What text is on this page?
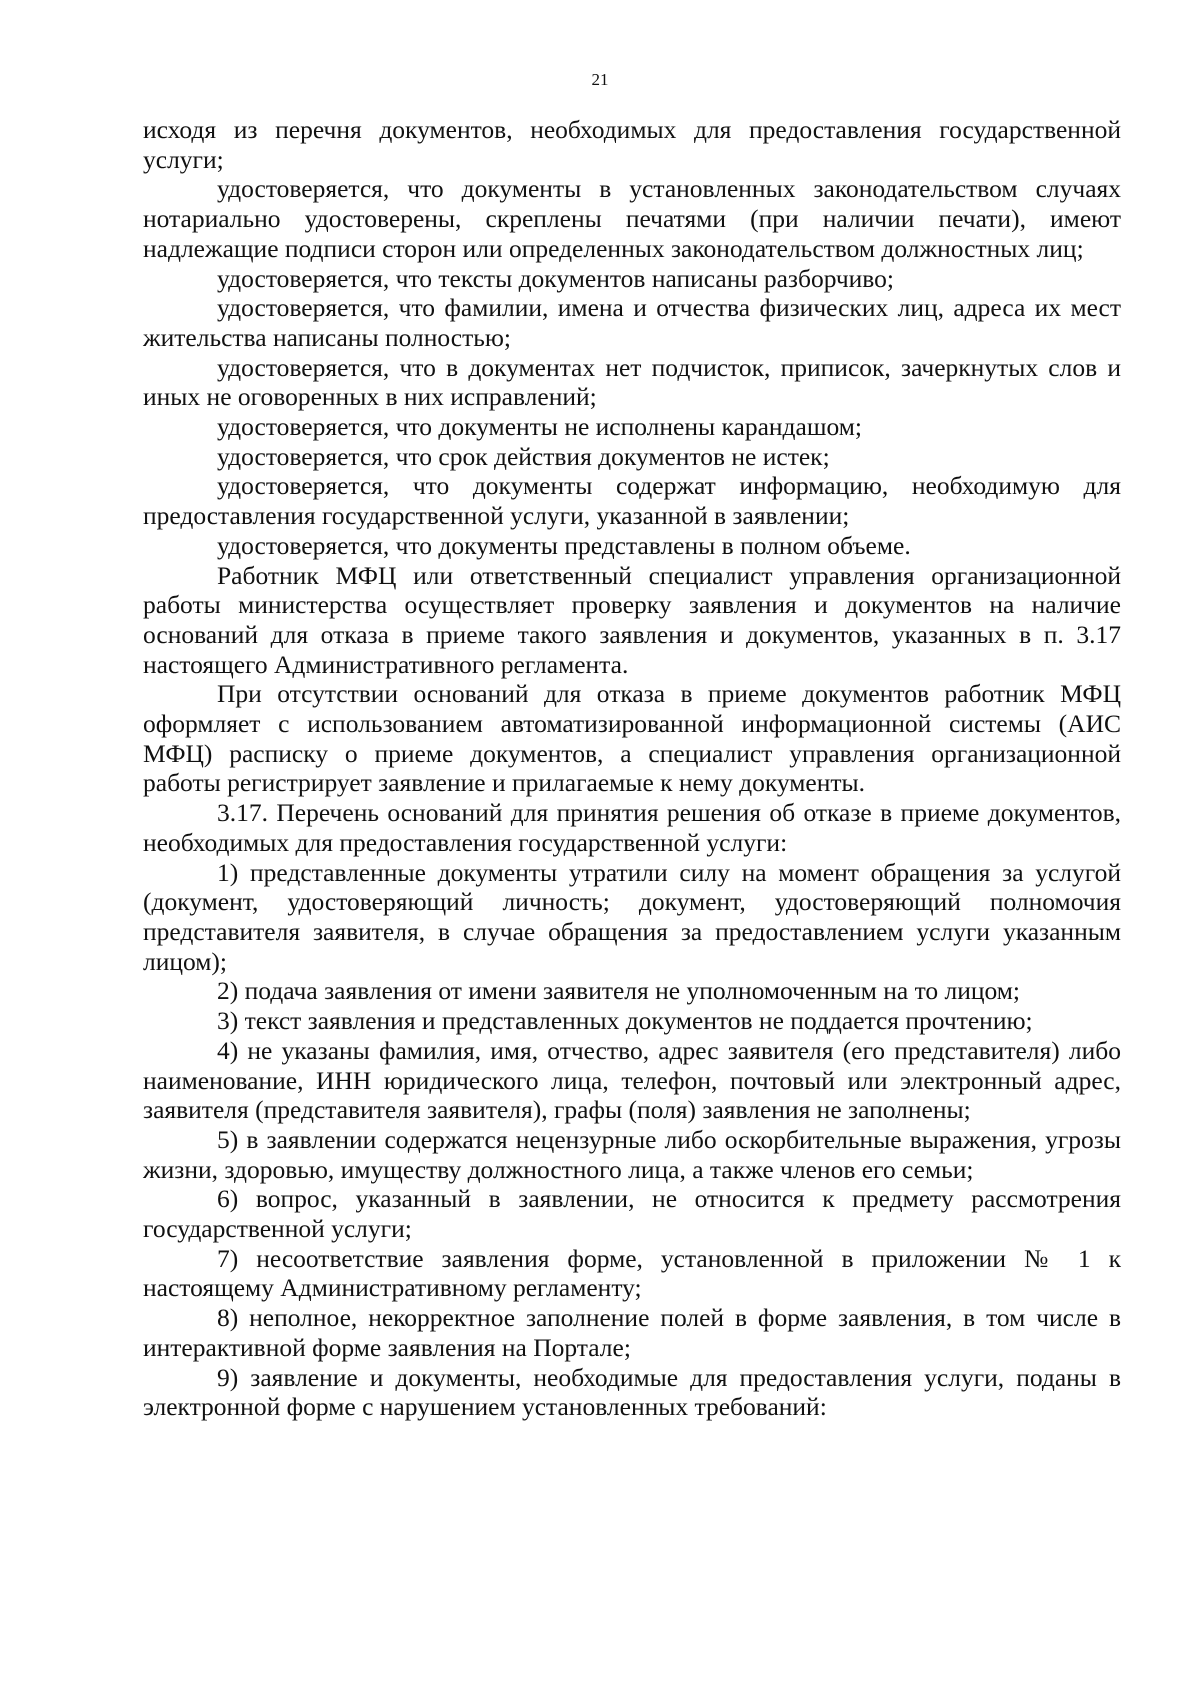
21

исходя из перечня документов, необходимых для предоставления государственной услуги;

удостоверяется, что документы в установленных законодательством случаях нотариально удостоверены, скреплены печатями (при наличии печати), имеют надлежащие подписи сторон или определенных законодательством должностных лиц;

удостоверяется, что тексты документов написаны разборчиво;

удостоверяется, что фамилии, имена и отчества физических лиц, адреса их мест жительства написаны полностью;

удостоверяется, что в документах нет подчисток, приписок, зачеркнутых слов и иных не оговоренных в них исправлений;

удостоверяется, что документы не исполнены карандашом;

удостоверяется, что срок действия документов не истек;

удостоверяется, что документы содержат информацию, необходимую для предоставления государственной услуги, указанной в заявлении;

удостоверяется, что документы представлены в полном объеме.

Работник МФЦ или ответственный специалист управления организационной работы министерства осуществляет проверку заявления и документов на наличие оснований для отказа в приеме такого заявления и документов, указанных в п. 3.17 настоящего Административного регламента.

При отсутствии оснований для отказа в приеме документов работник МФЦ оформляет с использованием автоматизированной информационной системы (АИС МФЦ) расписку о приеме документов, а специалист управления организационной работы регистрирует заявление и прилагаемые к нему документы.

3.17. Перечень оснований для принятия решения об отказе в приеме документов, необходимых для предоставления государственной услуги:

1) представленные документы утратили силу на момент обращения за услугой (документ, удостоверяющий личность; документ, удостоверяющий полномочия представителя заявителя, в случае обращения за предоставлением услуги указанным лицом);

2) подача заявления от имени заявителя не уполномоченным на то лицом;

3) текст заявления и представленных документов не поддается прочтению;

4) не указаны фамилия, имя, отчество, адрес заявителя (его представителя) либо наименование, ИНН юридического лица, телефон, почтовый или электронный адрес, заявителя (представителя заявителя), графы (поля) заявления не заполнены;

5) в заявлении содержатся нецензурные либо оскорбительные выражения, угрозы жизни, здоровью, имуществу должностного лица, а также членов его семьи;

6) вопрос, указанный в заявлении, не относится к предмету рассмотрения государственной услуги;

7) несоответствие заявления форме, установленной в приложении № 1 к настоящему Административному регламенту;

8) неполное, некорректное заполнение полей в форме заявления, в том числе в интерактивной форме заявления на Портале;

9) заявление и документы, необходимые для предоставления услуги, поданы в электронной форме с нарушением установленных требований:
